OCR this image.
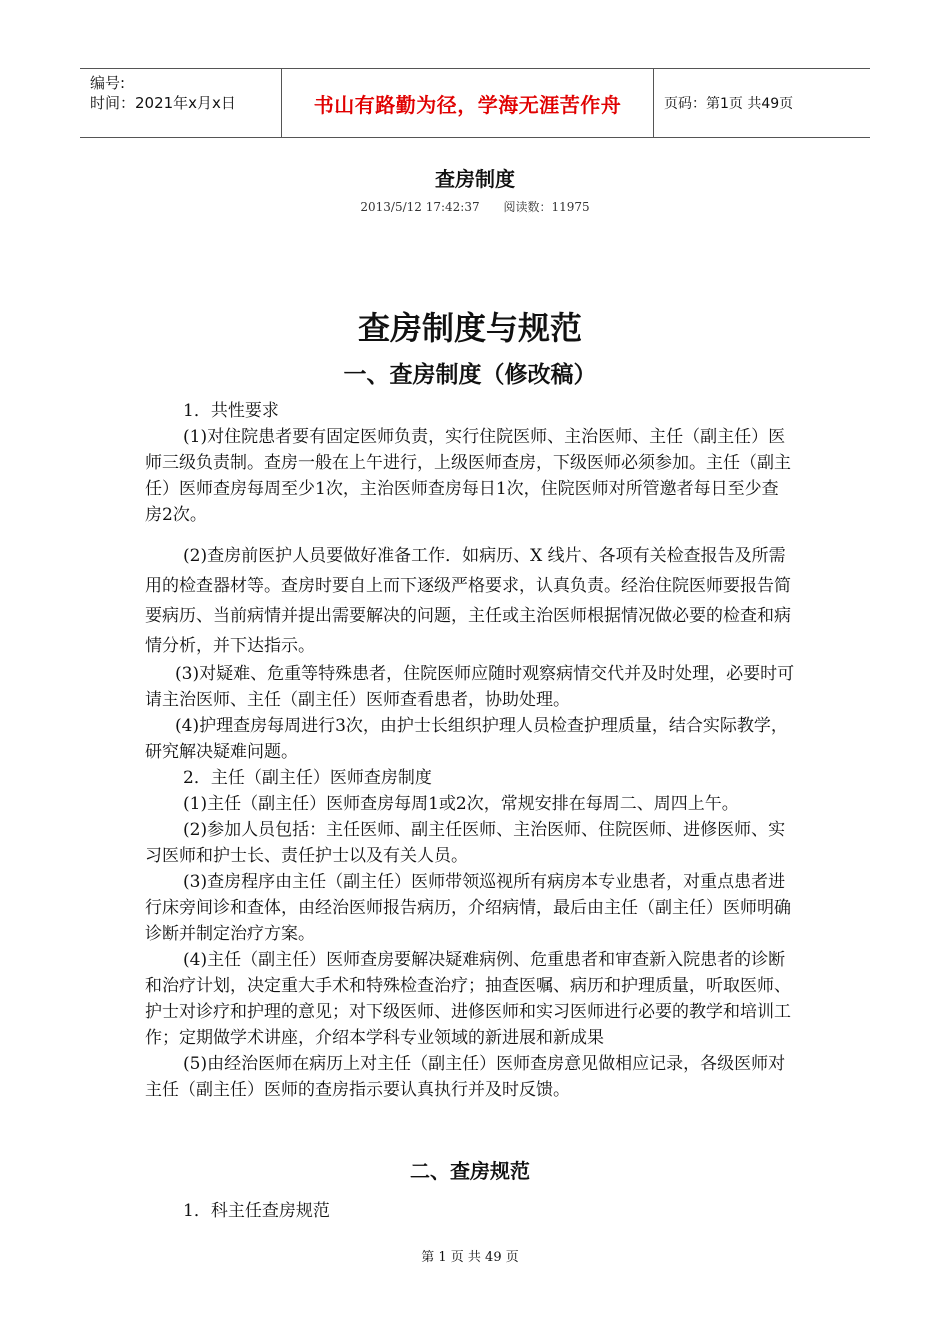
编号:
时间：2021年x月x日	书山有路勤为径，学海无涯苦作舟	页码：第1页 共49页
查房制度
2013/5/12 17:42:37 阅读数：11975
查房制度与规范
一、查房制度（修改稿）

1．共性要求

(1)对住院患者要有固定医师负责，实行住院医师、主治医师、主任（副主任）医师三级负责制。查房一般在上午进行，上级医师查房，下级医师必须参加。主任（副主任）医师查房每周至少1次，主治医师查房每日1次，住院医师对所管邀者每日至少查房2次。

(2)查房前医护人员要做好准备工作．如病历、X 线片、各项有关检查报告及所需用的检查器材等。查房时要自上而下逐级严格要求，认真负责。经治住院医师要报告简要病历、当前病情并提出需要解决的问题，主任或主治医师根据情况做必要的检查和病情分析，并下达指示。

(3)对疑难、危重等特殊患者，住院医师应随时观察病情交代并及时处理，必要时可请主治医师、主任（副主任）医师查看患者，协助处理。

(4)护理查房每周进行3次，由护士长组织护理人员检查护理质量，结合实际教学，研究解决疑难问题。

2．主任（副主任）医师查房制度

(1)主任（副主任）医师查房每周1或2次，常规安排在每周二、周四上午。

(2)参加人员包括：主任医师、副主任医师、主治医师、住院医师、进修医师、实习医师和护士长、责任护士以及有关人员。

(3)查房程序由主任（副主任）医师带领巡视所有病房本专业患者，对重点患者进行床旁间诊和查体，由经治医师报告病历，介绍病情，最后由主任（副主任）医师明确诊断并制定治疗方案。

(4)主任（副主任）医师查房要解决疑难病例、危重患者和审查新入院患者的诊断和治疗计划，决定重大手术和特殊检查治疗；抽查医嘱、病历和护理质量，听取医师、护士对诊疗和护理的意见；对下级医师、进修医师和实习医师进行必要的教学和培训工作；定期做学术讲座，介绍本学科专业领域的新进展和新成果

(5)由经治医师在病历上对主任（副主任）医师查房意见做相应记录，各级医师对主任（副主任）医师的查房指示要认真执行并及时反馈。

二、查房规范
1．科主任查房规范
第 1 页 共 49 页
